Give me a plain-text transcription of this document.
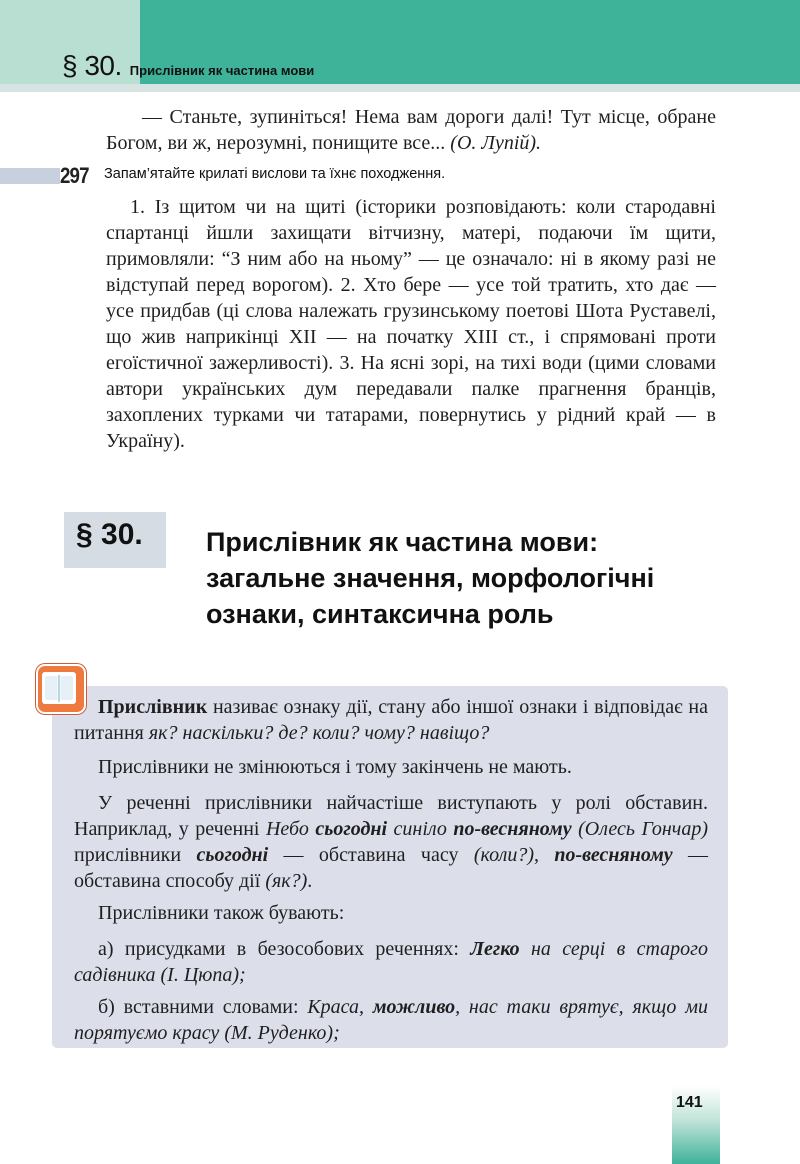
§ 30. Прислівник як частина мови

— Станьте, зупиніться! Нема вам дороги далі! Тут місце, обране Богом, ви ж, нерозумні, понищите все... (О. Лупій).

297 Запам’ятайте крилаті вислови та їхнє походження.

1. Із щитом чи на щиті (історики розповідають: коли стародавні спартанці йшли захищати вітчизну, матері, подаючи їм щити, примовляли: “З ним або на ньому” — це означало: ні в якому разі не відступай перед ворогом). 2. Хто бере — усе той тратить, хто дає — усе придбав (ці слова належать грузинському поетові Шота Руставелі, що жив наприкінці XII — на початку XIII ст., і спрямовані проти егоїстичної зажерливості). 3. На ясні зорі, на тихі води (цими словами автори українських дум передавали палке прагнення бранців, захоплених турками чи татарами, повернутись у рідний край — в Україну).

§ 30. Прислівник як частина мови:
загальне значення, морфологічні
ознаки, синтаксична роль

Прислівник називає ознаку дії, стану або іншої ознаки і відповідає на питання як? наскільки? де? коли? чому? навіщо?

Прислівники не змінюються і тому закінчень не мають.

У реченні прислівники найчастіше виступають у ролі обставин. Наприклад, у реченні Небо сьогодні синіло по-весняному (Олесь Гончар) прислівники сьогодні — обставина часу (коли?), по-весняному — обставина способу дії (як?).

Прислівники також бувають:

а) присудками в безособових реченнях: Легко на серці в старого садівника (І. Цюпа);

б) вставними словами: Краса, можливо, нас таки врятує, якщо ми порятуємо красу (М. Руденко);

141
